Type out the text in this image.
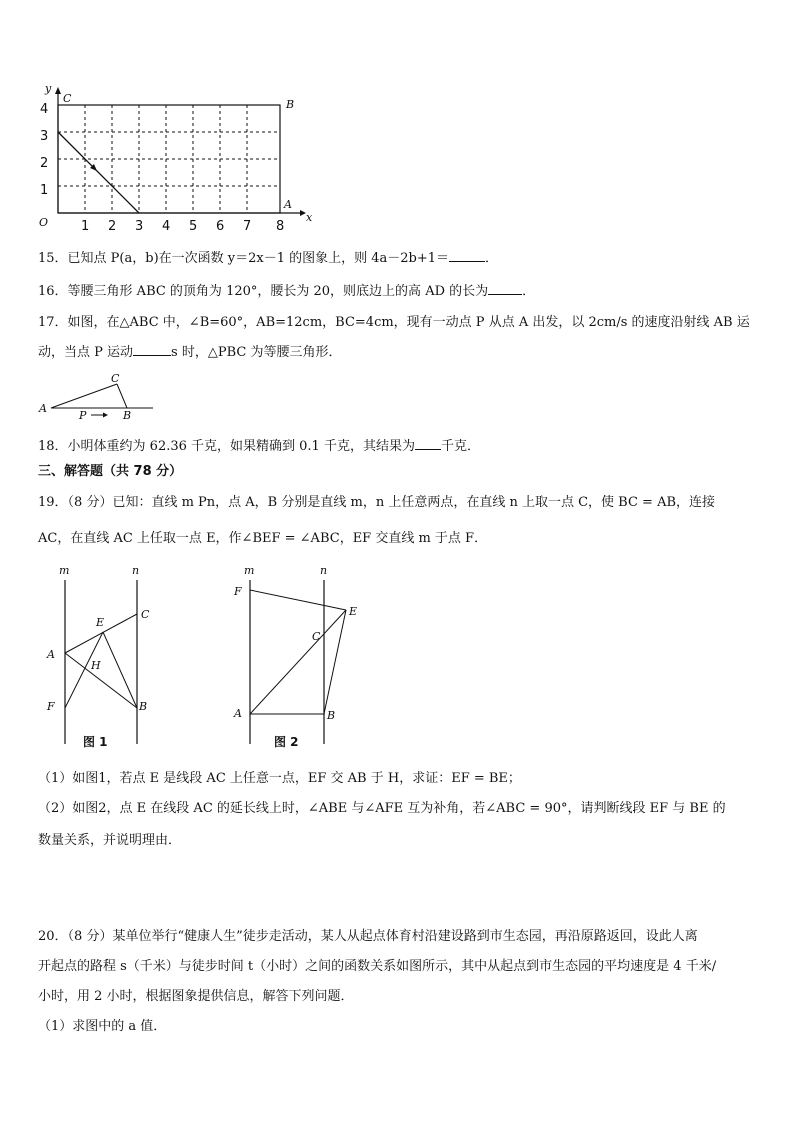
y
x
O
C	B
A
1 2 3 4 5 6 7 8
1
2
3
4
15．已知点 P(a，b)在一次函数 y＝2x－1 的图象上，则 4a－2b+1＝	．
16．等腰三角形 ABC 的顶角为 120°，腰长为 20，则底边上的高 AD 的长为	．
17．如图，在△ABC 中，∠B=60°，AB=12cm，BC=4cm，现有一动点 P 从点 A 出发，以 2cm/s 的速度沿射线 AB 运
动，当点 P 运动	s 时，△PBC 为等腰三角形．
A
B
C
P
18．小明体重约为 62.36 千克，如果精确到 0.1 千克，其结果为 千克．
三、解答题（共 78 分）
19．（8 分）已知：直线 m Pn，点 A，B 分别是直线 m，n 上任意两点，在直线 n 上取一点 C，使 BC = AB，连接
AC，在直线 AC 上任取一点 E，作∠BEF = ∠ABC，EF 交直线 m 于点 F．
m	n
C
E
A
H
F	B
图 1
m	n
F
E
C
A	B
图 2
（1）如图1，若点 E 是线段 AC 上任意一点，EF 交 AB 于 H，求证：EF = BE；
（2）如图2，点 E 在线段 AC 的延长线上时，∠ABE 与∠AFE 互为补角，若∠ABC = 90°，请判断线段 EF 与 BE 的
数量关系，并说明理由．
20．（8 分）某单位举行“健康人生”徒步走活动，某人从起点体育村沿建设路到市生态园，再沿原路返回，设此人离
开起点的路程 s（千米）与徒步时间 t（小时）之间的函数关系如图所示，其中从起点到市生态园的平均速度是 4 千米/
小时，用 2 小时，根据图象提供信息，解答下列问题．
（1）求图中的 a 值．
